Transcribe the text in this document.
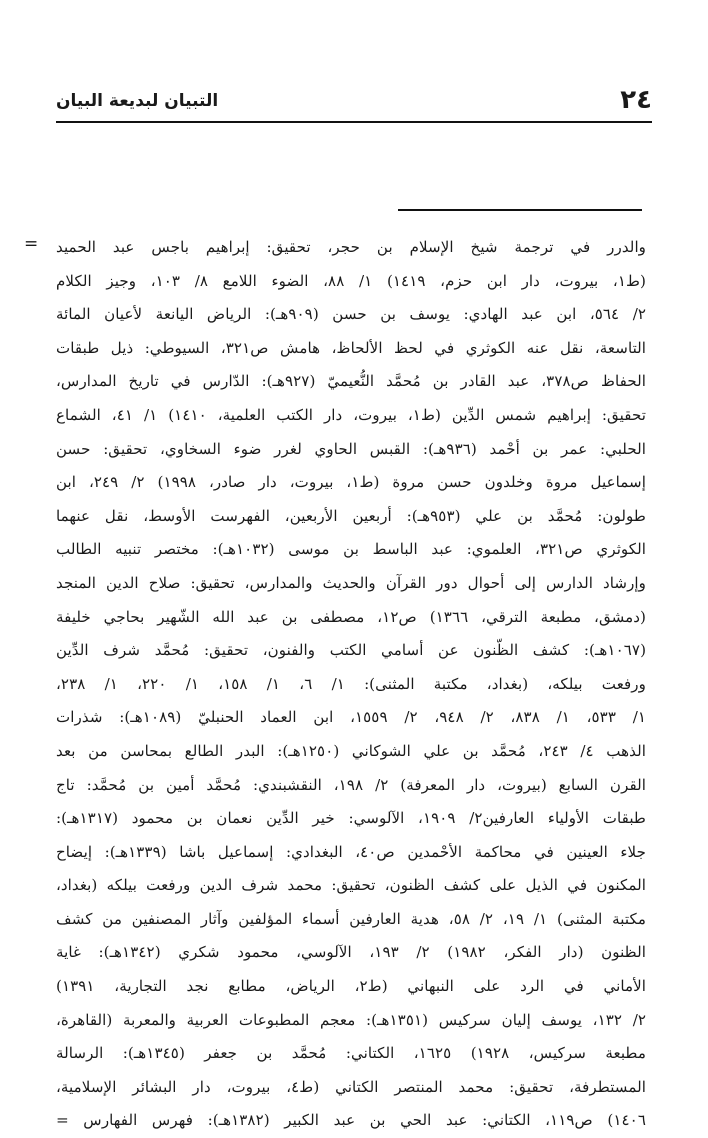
٢٤
التبيان لبديعة البيان
= والدرر في ترجمة شيخ الإسلام بن حجر، تحقيق: إبراهيم باجس عبد الحميد
(ط١، بيروت، دار ابن حزم، ١٤١٩) ١/ ٨٨، الضوء اللامع ٨/ ١٠٣، وجيز الكلام
٢/ ٥٦٤، ابن عبد الهادي: يوسف بن حسن (٩٠٩هـ): الرياض اليانعة لأعيان المائة
التاسعة، نقل عنه الكوثري في لحظ الألحاظ، هامش ص٣٢١، السيوطي: ذيل طبقات
الحفاظ ص٣٧٨، عبد القادر بن مُحمَّد النُّعيميّ (٩٢٧هـ): الدّارس في تاريخ المدارس،
تحقيق: إبراهيم شمس الدِّين (ط١، بيروت، دار الكتب العلمية، ١٤١٠) ١/ ٤١، الشماع
الحلبي: عمر بن أحْمد (٩٣٦هـ): القبس الحاوي لغرر ضوء السخاوي، تحقيق: حسن
إسماعيل مروة وخلدون حسن مروة (ط١، بيروت، دار صادر، ١٩٩٨) ٢/ ٢٤٩، ابن
طولون: مُحمَّد بن علي (٩٥٣هـ): أربعين الأربعين، الفهرست الأوسط، نقل عنهما
الكوثري ص٣٢١، العلموي: عبد الباسط بن موسى (١٠٣٢هـ): مختصر تنبيه الطالب
وإرشاد الدارس إلى أحوال دور القرآن والحديث والمدارس، تحقيق: صلاح الدين المنجد
(دمشق، مطبعة الترقي، ١٣٦٦) ص١٢، مصطفى بن عبد الله الشّهير بحاجي خليفة
(١٠٦٧هـ): كشف الظّنون عن أسامي الكتب والفنون، تحقيق: مُحمَّد شرف الدِّين
ورفعت بيلكه، (بغداد، مكتبة المثنى): ١/ ٦، ١/ ١٥٨، ١/ ٢٢٠، ١/ ٢٣٨،
١/ ٥٣٣، ١/ ٨٣٨، ٢/ ٩٤٨، ٢/ ١٥٥٩، ابن العماد الحنبليّ (١٠٨٩هـ): شذرات
الذهب ٤/ ٢٤٣، مُحمَّد بن علي الشوكاني (١٢٥٠هـ): البدر الطالع بمحاسن من بعد
القرن السابع (بيروت، دار المعرفة) ٢/ ١٩٨، النقشبندي: مُحمَّد أمين بن مُحمَّد: تاج
طبقات الأولياء العارفين٢/ ١٩٠٩، الآلوسي: خير الدِّين نعمان بن محمود (١٣١٧هـ):
جلاء العينين في محاكمة الأحْمدين ص٤٠، البغدادي: إسماعيل باشا (١٣٣٩هـ): إيضاح
المكنون في الذيل على كشف الظنون، تحقيق: محمد شرف الدين ورفعت بيلكه (بغداد،
مكتبة المثنى) ١/ ١٩، ٢/ ٥٨، هدية العارفين أسماء المؤلفين وآثار المصنفين من كشف
الظنون (دار الفكر، ١٩٨٢) ٢/ ١٩٣، الآلوسي، محمود شكري (١٣٤٢هـ): غاية
الأماني في الرد على النبهاني (ط٢، الرياض، مطابع نجد التجارية، ١٣٩١)
٢/ ١٣٢، يوسف إليان سركيس (١٣٥١هـ): معجم المطبوعات العربية والمعربة (القاهرة،
مطبعة سركيس، ١٩٢٨) ١٦٢٥، الكتاني: مُحمَّد بن جعفر (١٣٤٥هـ): الرسالة
المستطرفة، تحقيق: محمد المنتصر الكتاني (ط٤، بيروت، دار البشائر الإسلامية،
١٤٠٦) ص١١٩، الكتاني: عبد الحي بن عبد الكبير (١٣٨٢هـ): فهرس الفهارس =
